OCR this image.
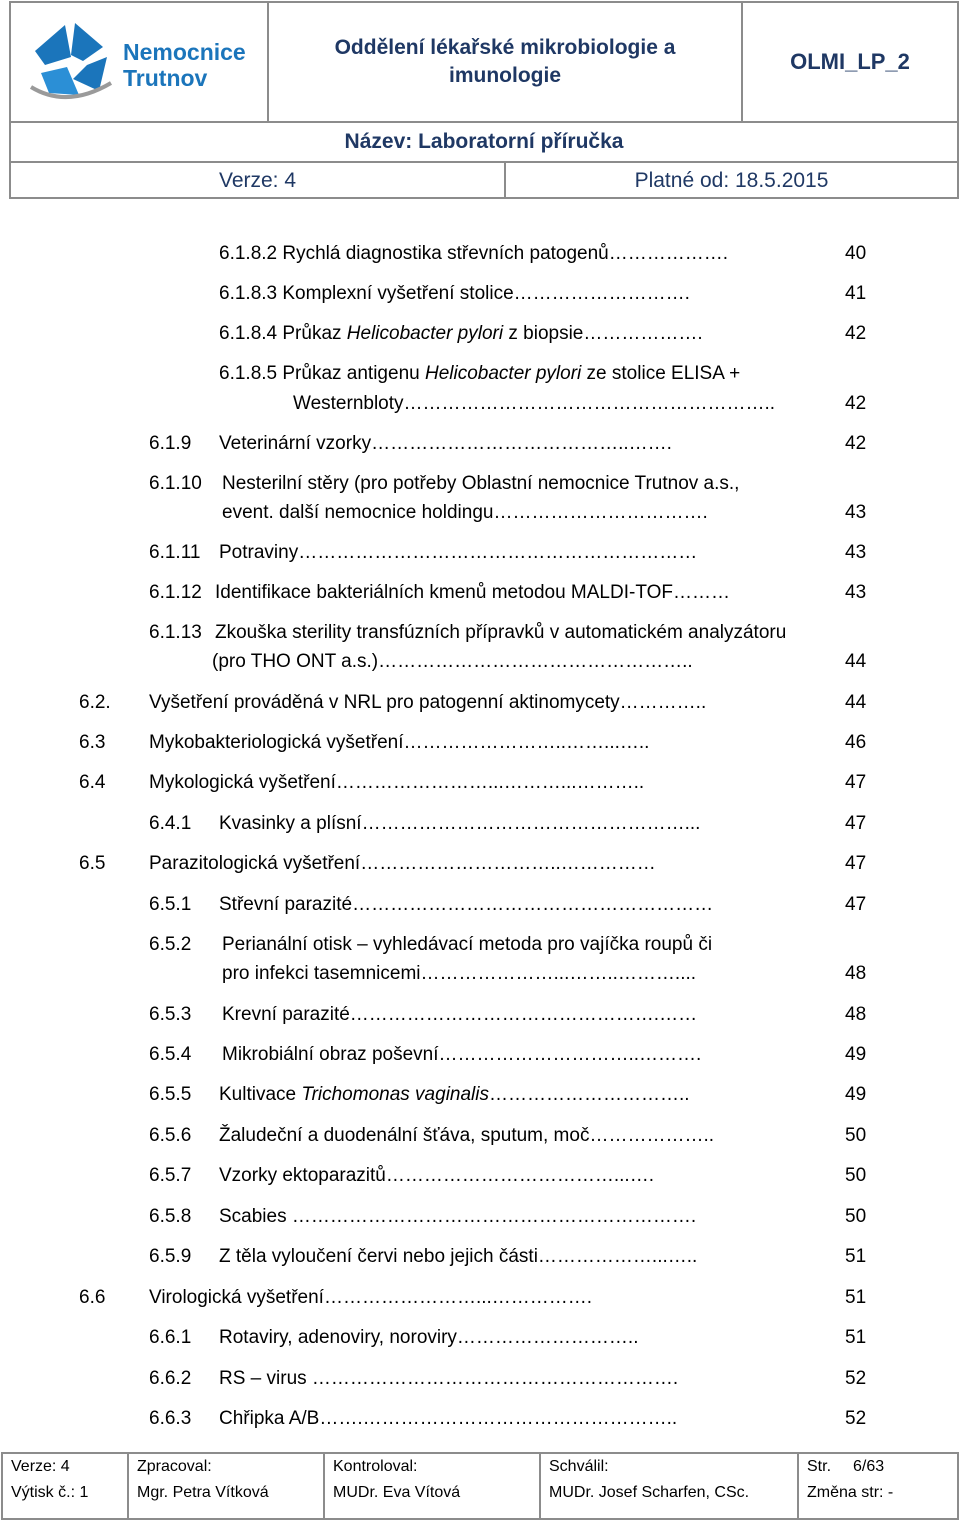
Nemocnice
Trutnov
Oddělení lékařské mikrobiologie a imunologie
OLMI_LP_2
Název: Laboratorní příručka
Verze: 4	Platné od: 18.5.2015
6.1.8.2 Rychlá diagnostika střevních patogenů……………….	40
6.1.8.3 Komplexní vyšetření stolice……………………….	41
6.1.8.4 Průkaz Helicobacter pylori z biopsie……………….	42
6.1.8.5 Průkaz antigenu Helicobacter pylori ze stolice ELISA +
Westernbloty…………………………………………………..	42
6.1.9 Veterinární vzorky…………………………………..…….	42
6.1.10 Nesterilní stěry (pro potřeby Oblastní nemocnice Trutnov a.s.,
event. další nemocnice holdingu…………………………….	43
6.1.11 Potraviny………………………………………………………	43
6.1.12 Identifikace bakteriálních kmenů metodou MALDI-TOF………	43
6.1.13 Zkouška sterility transfúzních přípravků v automatickém analyzátoru
(pro THO ONT a.s.)…………………………………………..	44
6.2. Vyšetření prováděná v NRL pro patogenní aktinomycety…………..	44
6.3 Mykobakteriologická vyšetření……………………..……...…..	46
6.4 Mykologická vyšetření……………………...………...………..	47
6.4.1 Kvasinky a plísní……………………………………………...	47
6.5 Parazitologická vyšetření…………………………..……………	47
6.5.1 Střevní parazité…………………………………………………	47
6.5.2 Perianální otisk – vyhledávací metoda pro vajíčka roupů či
pro infekci tasemnicemi…………………...……..………....	48
6.5.3 Krevní parazité………………………………………….……	48
6.5.4 Mikrobiální obraz poševní…………………………..……….	49
6.5.5 Kultivace Trichomonas vaginalis…………………………..	49
6.5.6 Žaludeční a duodenální šťáva, sputum, moč………………..	50
6.5.7 Vzorky ektoparazitů………………………………...….	50
6.5.8 Scabies ……………………………………………………….	50
6.5.9 Z těla vyloučení červi nebo jejich části………………...…..	51
6.6 Virologická vyšetření……………………...…………….	51
6.6.1 Rotaviry, adenoviry, noroviry………………………..	51
6.6.2 RS – virus ………………………………………………….	52
6.6.3 Chřipka A/B…….…………………………………………..	52
Verze: 4
Výtisk č.: 1
Zpracoval:
Mgr. Petra Vítková
Kontroloval:
MUDr. Eva Vítová
Schválil:
MUDr. Josef Scharfen, CSc.
Str. 6/63
Změna str: -
